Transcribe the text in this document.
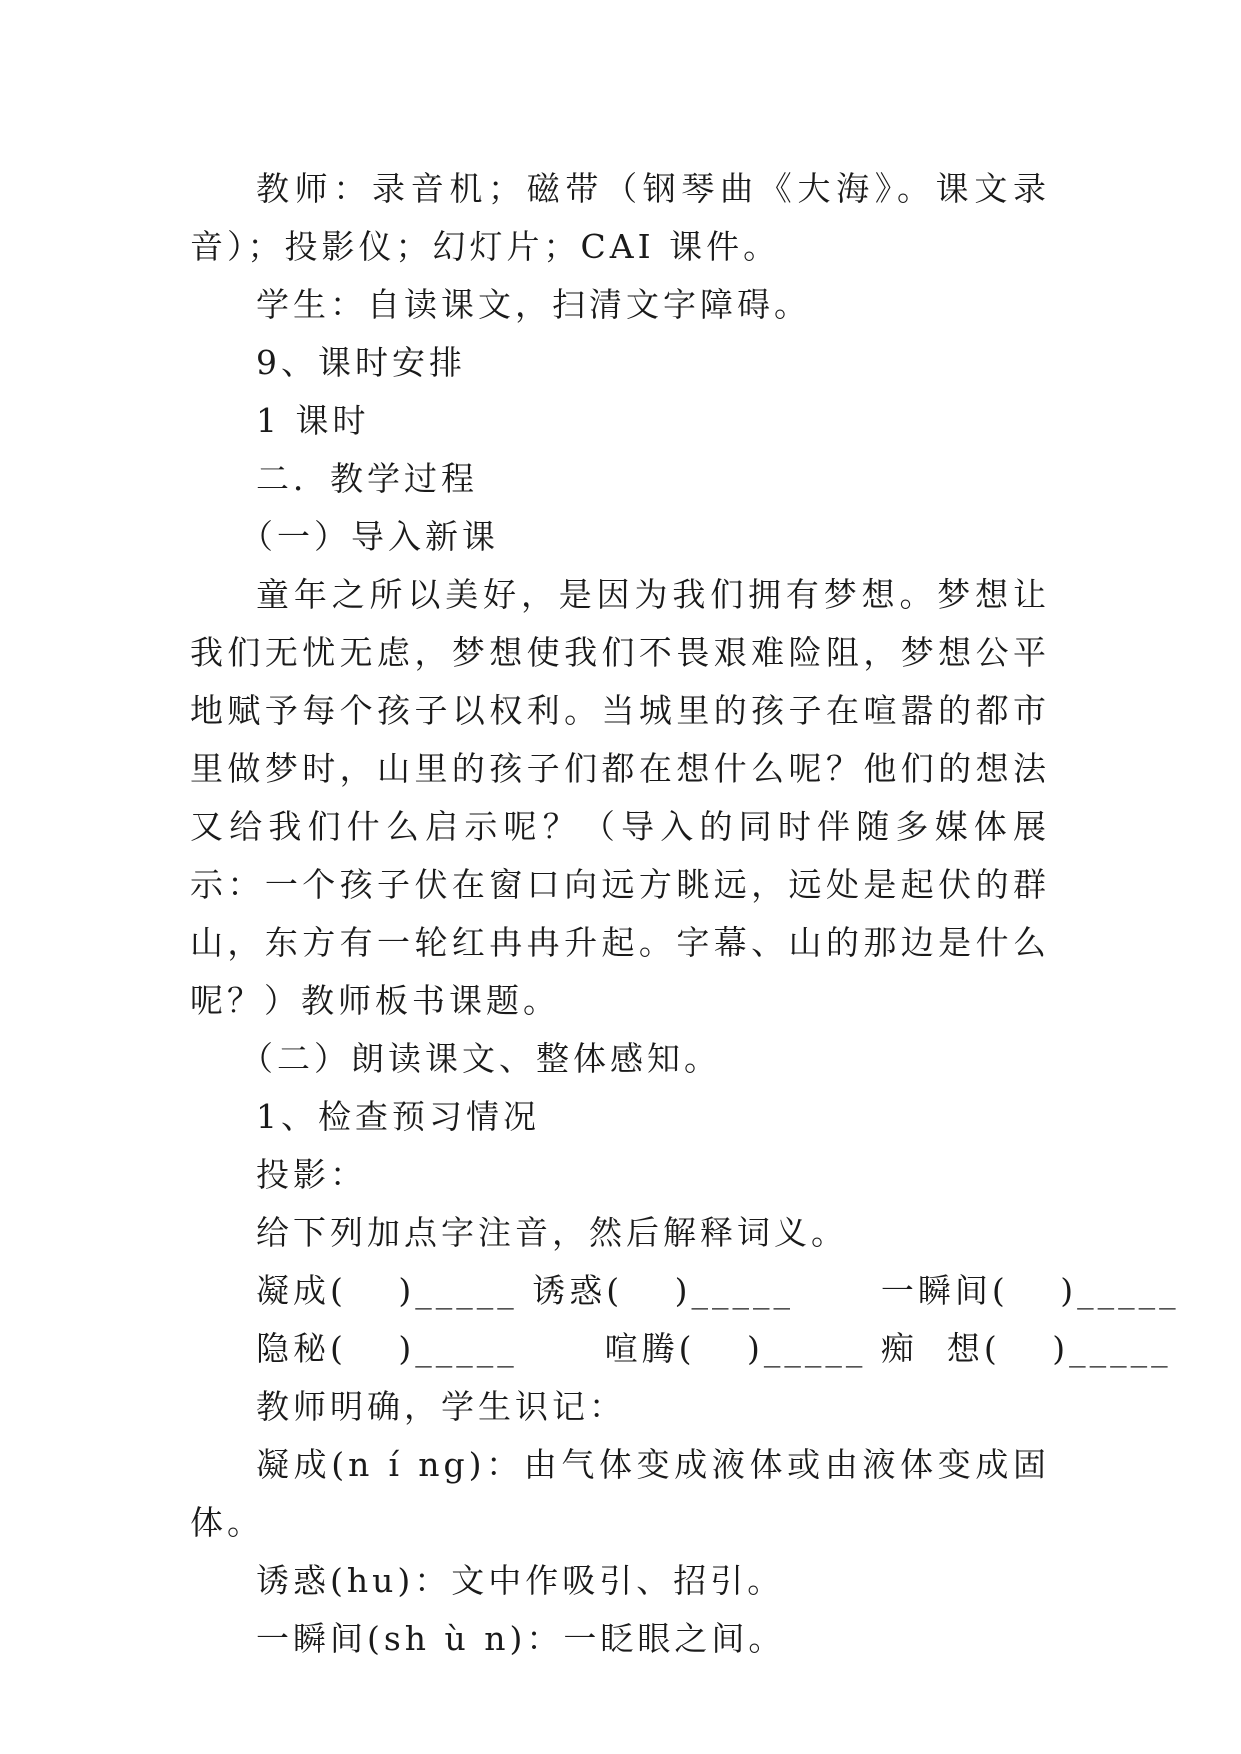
教师：录音机；磁带（钢琴曲《大海》。课文录音）；投影仪；幻灯片；CAI 课件。

学生：自读课文，扫清文字障碍。

9、课时安排

1 课时

二．教学过程

（一）导入新课

童年之所以美好，是因为我们拥有梦想。梦想让我们无忧无虑，梦想使我们不畏艰难险阻，梦想公平地赋予每个孩子以权利。当城里的孩子在喧嚣的都市里做梦时，山里的孩子们都在想什么呢？他们的想法又给我们什么启示呢？（导入的同时伴随多媒体展示：一个孩子伏在窗口向远方眺远，远处是起伏的群山，东方有一轮红冉冉升起。字幕、山的那边是什么呢？）教师板书课题。

（二）朗读课文、整体感知。

1、检查预习情况

投影：

给下列加点字注音，然后解释词义。

凝成(　 )_____ 诱惑(　 )_____      一瞬间(　 )_____
隐秘(　 )_____      喧腾(　 )_____ 痴  想(　 )_____

教师明确，学生识记：

凝成(n í ng)：由气体变成液体或由液体变成固体。

诱惑(hu)：文中作吸引、招引。

一瞬间(sh ù n)：一眨眼之间。
